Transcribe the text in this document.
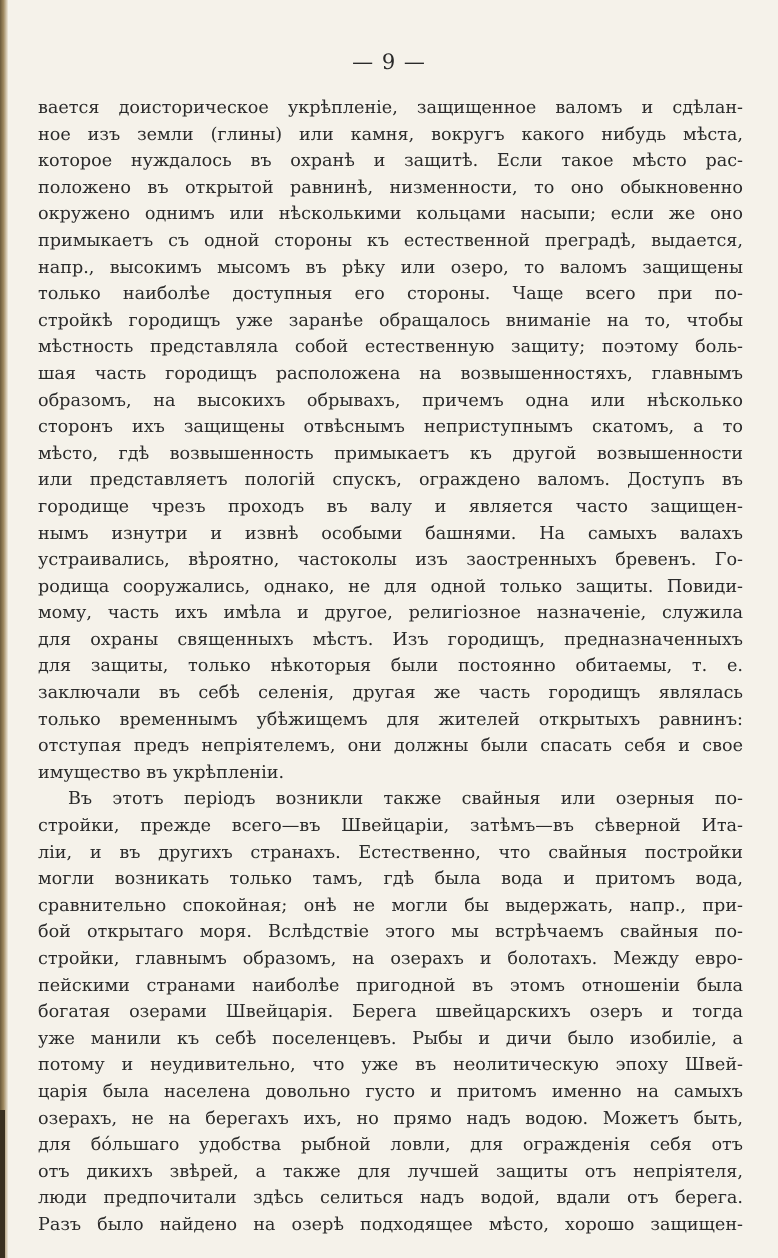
— 9 —
вается доисторическое укрѣпленіе, защищенное валомъ и сдѣлан-
ное изъ земли (глины) или камня, вокругъ какого нибудь мѣста,
которое нуждалось въ охранѣ и защитѣ. Если такое мѣсто рас-
положено въ открытой равнинѣ, низменности, то оно обыкновенно
окружено однимъ или нѣсколькими кольцами насыпи; если же оно
примыкаетъ съ одной стороны къ естественной преградѣ, выдается,
напр., высокимъ мысомъ въ рѣку или озеро, то валомъ защищены
только наиболѣе доступныя его стороны. Чаще всего при по-
стройкѣ городищъ уже заранѣе обращалось вниманіе на то, чтобы
мѣстность представляла собой естественную защиту; поэтому боль-
шая часть городищъ расположена на возвышенностяхъ, главнымъ
образомъ, на высокихъ обрывахъ, причемъ одна или нѣсколько
сторонъ ихъ защищены отвѣснымъ неприступнымъ скатомъ, а то
мѣсто, гдѣ возвышенность примыкаетъ къ другой возвышенности
или представляетъ пологій спускъ, ограждено валомъ. Доступъ въ
городище чрезъ проходъ въ валу и является часто защищен-
нымъ изнутри и извнѣ особыми башнями. На самыхъ валахъ
устраивались, вѣроятно, частоколы изъ заостренныхъ бревенъ. Го-
родища сооружались, однако, не для одной только защиты. Повиди-
мому, часть ихъ имѣла и другое, религіозное назначеніе, служила
для охраны священныхъ мѣстъ. Изъ городищъ, предназначенныхъ
для защиты, только нѣкоторыя были постоянно обитаемы, т. е.
заключали въ себѣ селенія, другая же часть городищъ являлась
только временнымъ убѣжищемъ для жителей открытыхъ равнинъ:
отступая предъ непріятелемъ, они должны были спасать себя и свое
имущество въ укрѣпленіи.
Въ этотъ періодъ возникли также свайныя или озерныя по-
стройки, прежде всего—въ Швейцаріи, затѣмъ—въ сѣверной Ита-
ліи, и въ другихъ странахъ. Естественно, что свайныя постройки
могли возникать только тамъ, гдѣ была вода и притомъ вода,
сравнительно спокойная; онѣ не могли бы выдержать, напр., при-
бой открытаго моря. Вслѣдствіе этого мы встрѣчаемъ свайныя по-
стройки, главнымъ образомъ, на озерахъ и болотахъ. Между евро-
пейскими странами наиболѣе пригодной въ этомъ отношеніи была
богатая озерами Швейцарія. Берега швейцарскихъ озеръ и тогда
уже манили къ себѣ поселенцевъ. Рыбы и дичи было изобиліе, а
потому и неудивительно, что уже въ неолитическую эпоху Швей-
царія была населена довольно густо и притомъ именно на самыхъ
озерахъ, не на берегахъ ихъ, но прямо надъ водою. Можетъ быть,
для бóльшаго удобства рыбной ловли, для огражденія себя отъ
отъ дикихъ звѣрей, а также для лучшей защиты отъ непріятеля,
люди предпочитали здѣсь селиться надъ водой, вдали отъ берега.
Разъ было найдено на озерѣ подходящее мѣсто, хорошо защищен-
